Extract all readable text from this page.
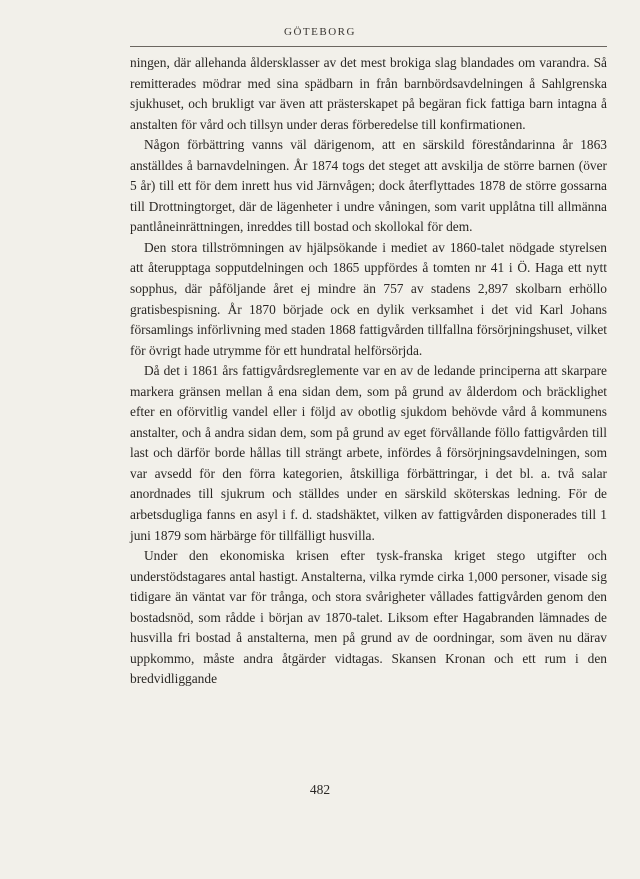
GÖTEBORG

ningen, där allehanda åldersklasser av det mest brokiga slag blandades om varandra. Så remitterades mödrar med sina spädbarn in från barnbördsavdelningen å Sahlgrenska sjukhuset, och brukligt var även att prästerskapet på begäran fick fattiga barn intagna å anstalten för vård och tillsyn under deras förberedelse till konfirmationen.

Någon förbättring vanns väl därigenom, att en särskild föreståndarinna år 1863 anställdes å barnavdelningen. År 1874 togs det steget att avskilja de större barnen (över 5 år) till ett för dem inrett hus vid Järnvågen; dock återflyttades 1878 de större gossarna till Drottningtorget, där de lägenheter i undre våningen, som varit upplåtna till allmänna pantlåneinrättningen, inreddes till bostad och skollokal för dem.

Den stora tillströmningen av hjälpsökande i mediet av 1860-talet nödgade styrelsen att återupptaga sopputdelningen och 1865 uppfördes å tomten nr 41 i Ö. Haga ett nytt sopphus, där påföljande året ej mindre än 757 av stadens 2,897 skolbarn erhöllo gratisbespisning. År 1870 började ock en dylik verksamhet i det vid Karl Johans församlings införlivning med staden 1868 fattigvården tillfallna försörjningshuset, vilket för övrigt hade utrymme för ett hundratal helförsörjda.

Då det i 1861 års fattigvårdsreglemente var en av de ledande principerna att skarpare markera gränsen mellan å ena sidan dem, som på grund av ålderdom och bräcklighet efter en oförvitlig vandel eller i följd av obotlig sjukdom behövde vård å kommunens anstalter, och å andra sidan dem, som på grund av eget förvållande föllo fattigvården till last och därför borde hållas till strängt arbete, infördes å försörjningsavdelningen, som var avsedd för den förra kategorien, åtskilliga förbättringar, i det bl. a. två salar anordnades till sjukrum och ställdes under en särskild sköterskas ledning. För de arbetsdugliga fanns en asyl i f. d. stadshäktet, vilken av fattigvården disponerades till 1 juni 1879 som härbärge för tillfälligt husvilla.

Under den ekonomiska krisen efter tysk-franska kriget stego utgifter och understödstagares antal hastigt. Anstalterna, vilka rymde cirka 1,000 personer, visade sig tidigare än väntat var för trånga, och stora svårigheter vållades fattigvården genom den bostadsnöd, som rådde i början av 1870-talet. Liksom efter Hagabranden lämnades de husvilla fri bostad å anstalterna, men på grund av de oordningar, som även nu därav uppkommo, måste andra åtgärder vidtagas. Skansen Kronan och ett rum i den bredvidliggande

482
